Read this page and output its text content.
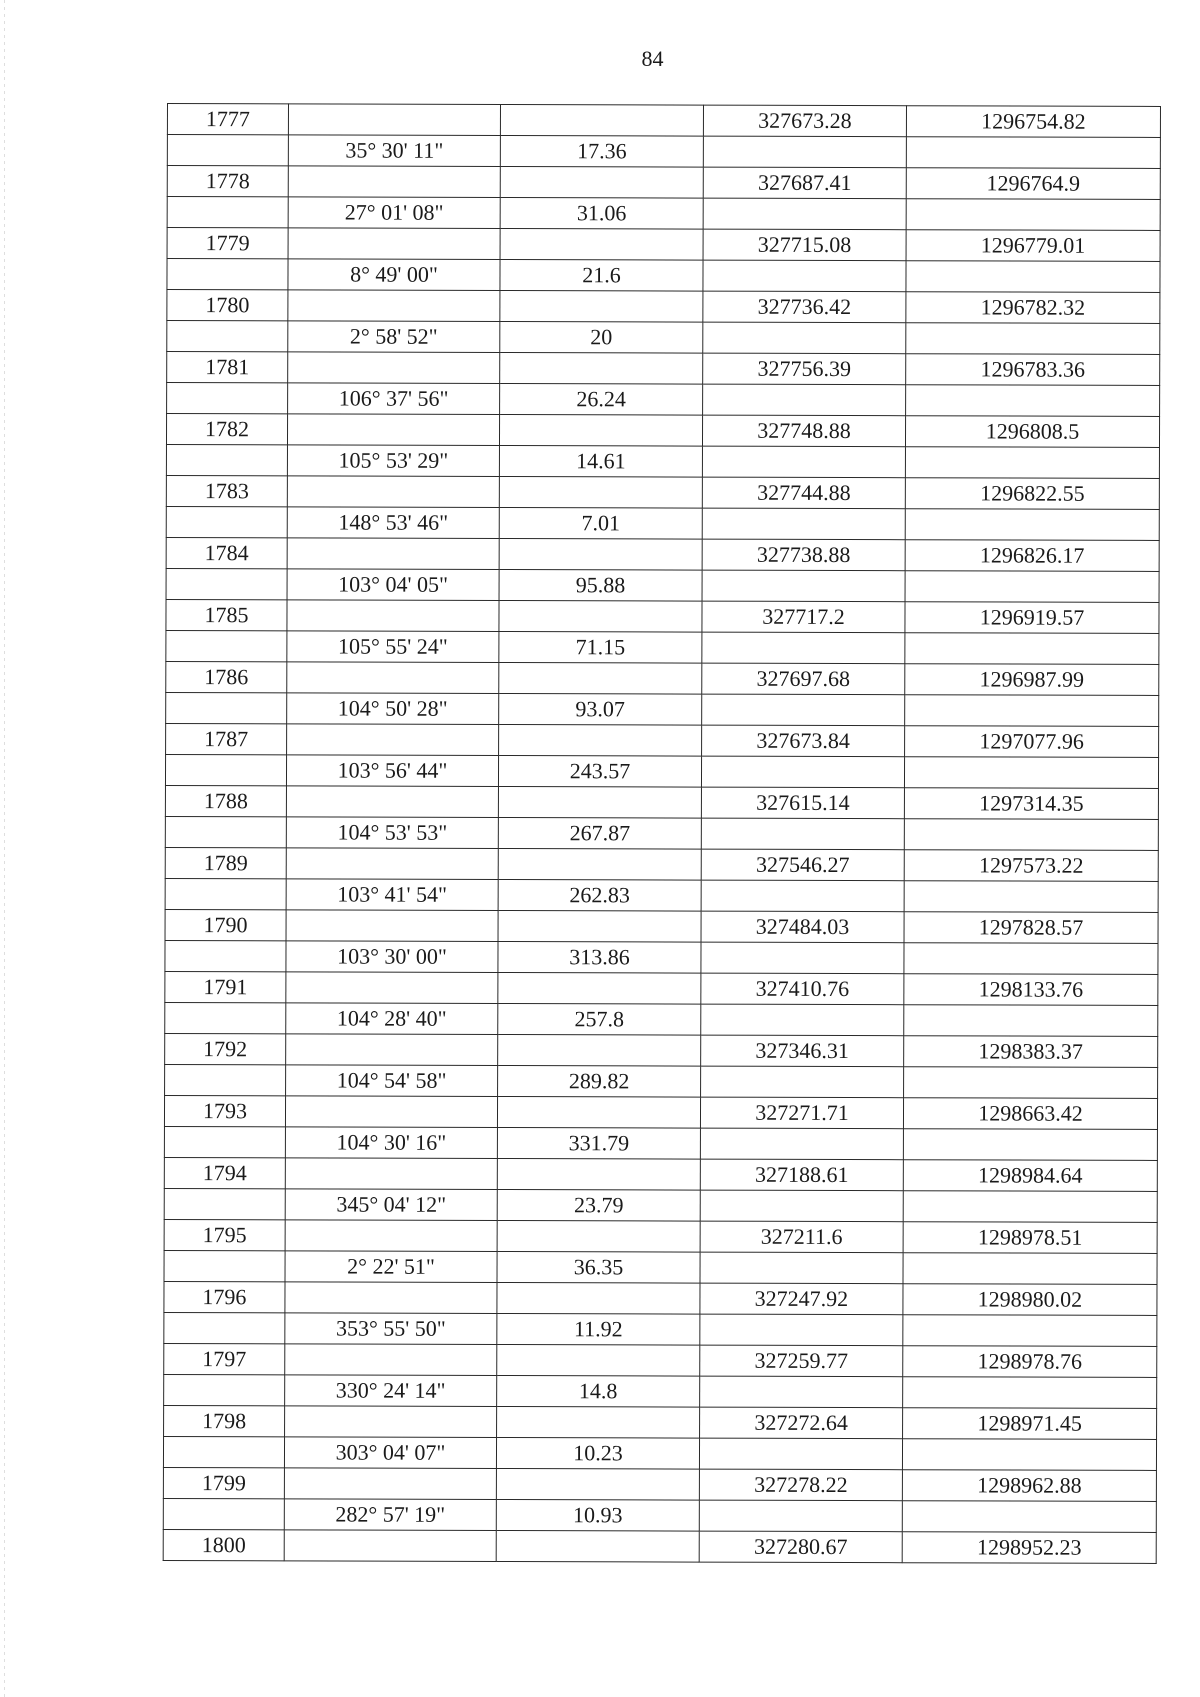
84
1777			327673.28	1296754.82
	35° 30' 11"	17.36		
1778			327687.41	1296764.9
	27° 01' 08"	31.06		
1779			327715.08	1296779.01
	8° 49' 00"	21.6		
1780			327736.42	1296782.32
	2° 58' 52"	20		
1781			327756.39	1296783.36
	106° 37' 56"	26.24		
1782			327748.88	1296808.5
	105° 53' 29"	14.61		
1783			327744.88	1296822.55
	148° 53' 46"	7.01		
1784			327738.88	1296826.17
	103° 04' 05"	95.88		
1785			327717.2	1296919.57
	105° 55' 24"	71.15		
1786			327697.68	1296987.99
	104° 50' 28"	93.07		
1787			327673.84	1297077.96
	103° 56' 44"	243.57		
1788			327615.14	1297314.35
	104° 53' 53"	267.87		
1789			327546.27	1297573.22
	103° 41' 54"	262.83		
1790			327484.03	1297828.57
	103° 30' 00"	313.86		
1791			327410.76	1298133.76
	104° 28' 40"	257.8		
1792			327346.31	1298383.37
	104° 54' 58"	289.82		
1793			327271.71	1298663.42
	104° 30' 16"	331.79		
1794			327188.61	1298984.64
	345° 04' 12"	23.79		
1795			327211.6	1298978.51
	2° 22' 51"	36.35		
1796			327247.92	1298980.02
	353° 55' 50"	11.92		
1797			327259.77	1298978.76
	330° 24' 14"	14.8		
1798			327272.64	1298971.45
	303° 04' 07"	10.23		
1799			327278.22	1298962.88
	282° 57' 19"	10.93		
1800			327280.67	1298952.23
